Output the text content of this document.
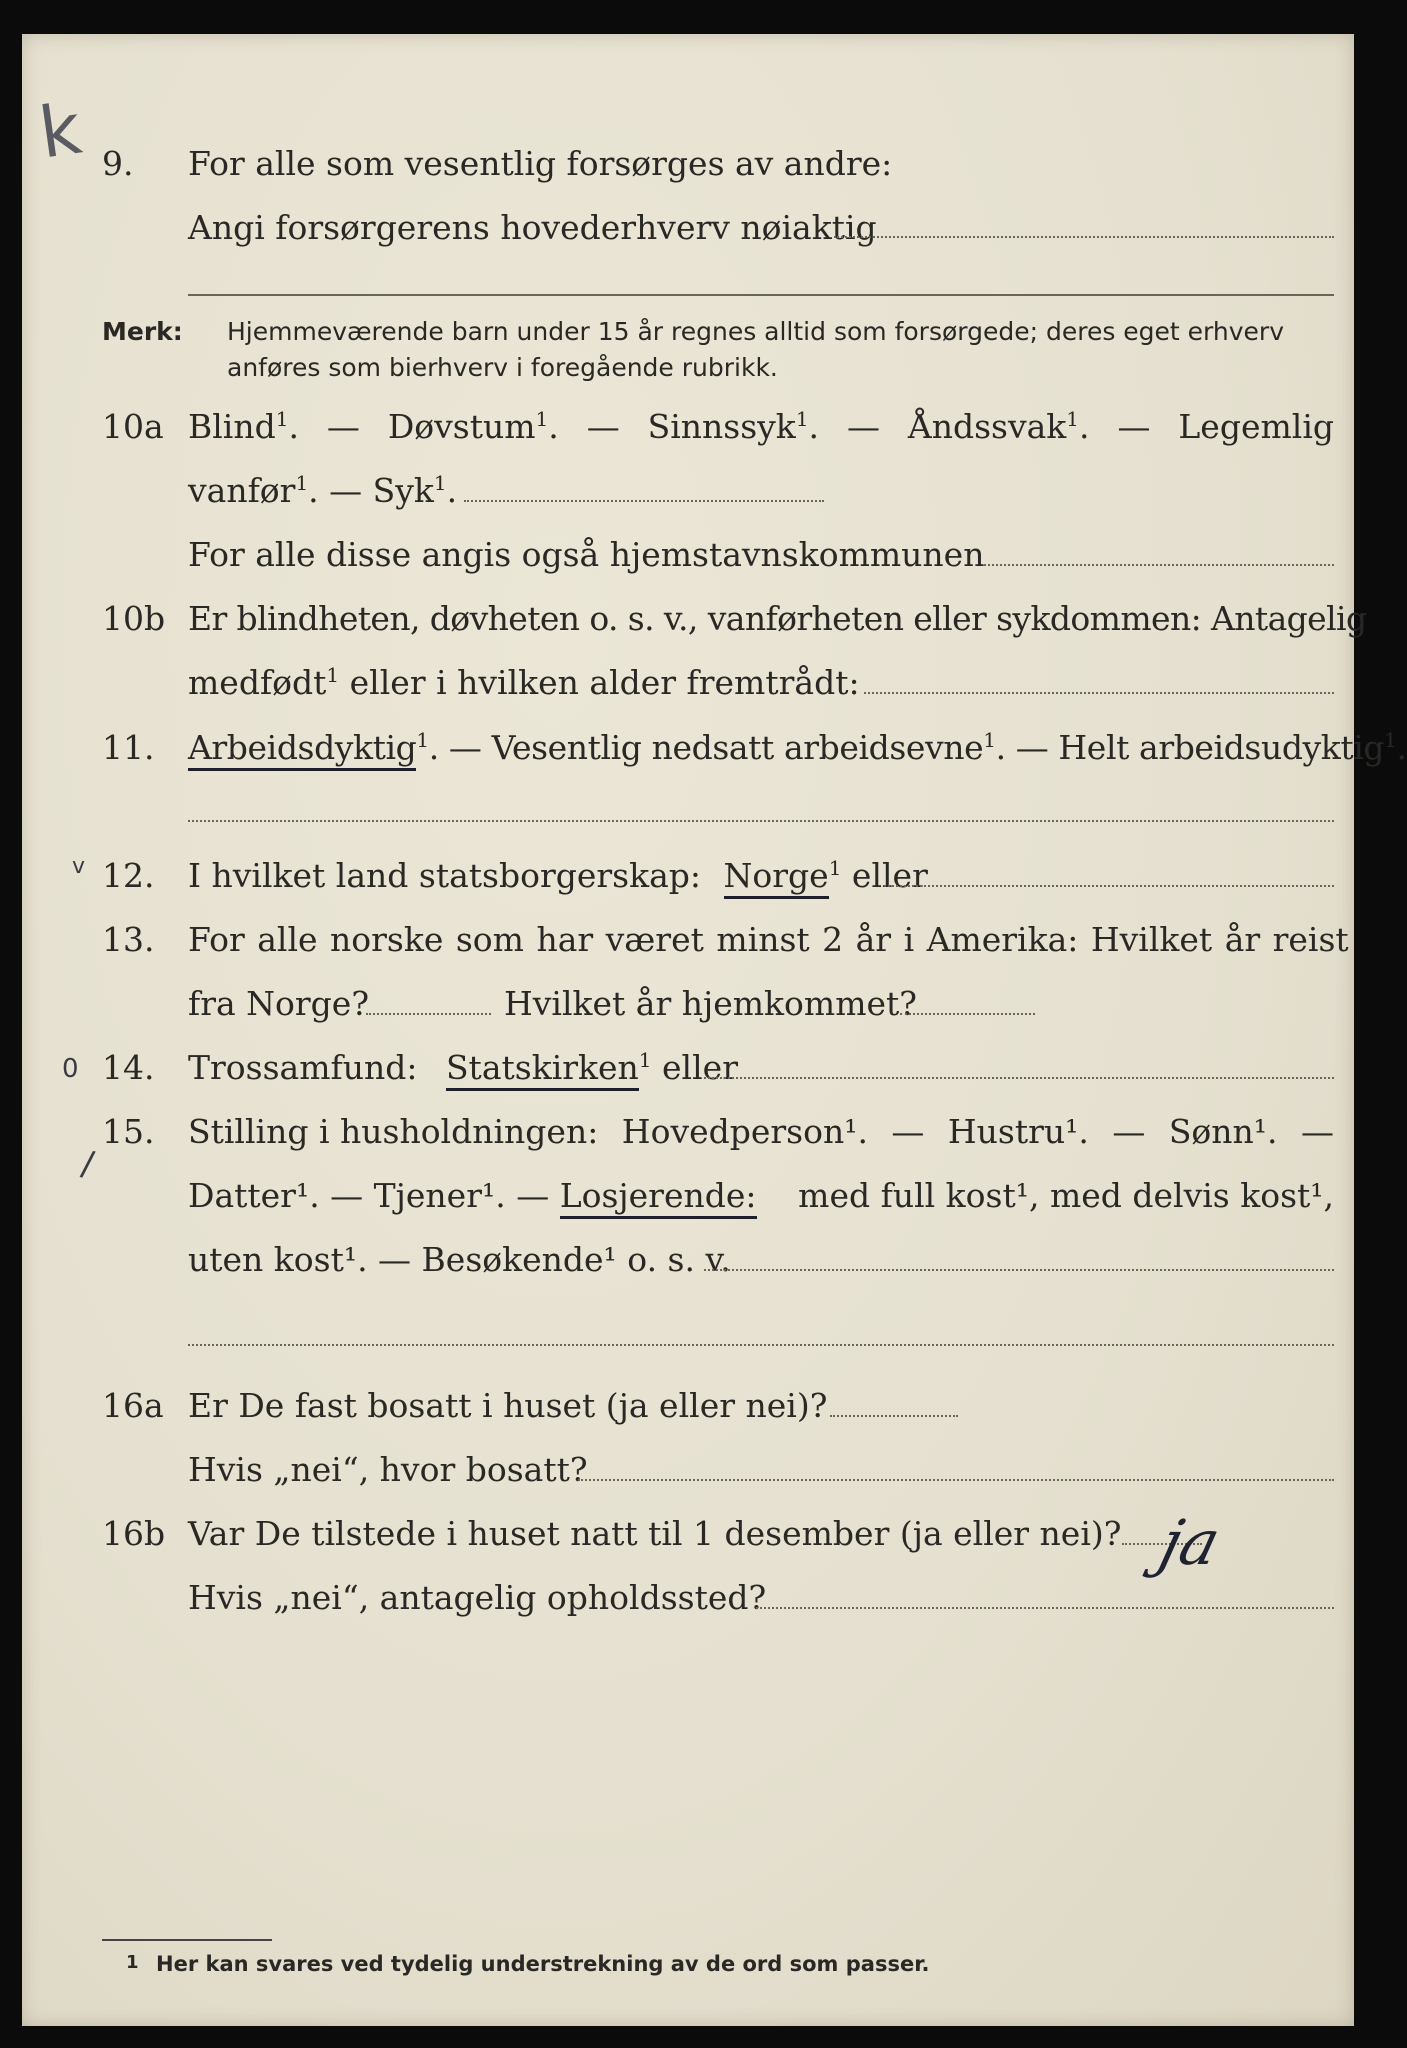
k
v
0
/
9. For alle som vesentlig forsørges av andre:
Angi forsørgerens hovederhverv nøiaktig
Merk: Hjemmeværende barn under 15 år regnes alltid som forsørgede; deres eget erhverv anføres som bierhverv i foregående rubrikk.
10a Blind$^1$. — Døvstum$^1$. — Sinnssyk$^1$. — Åndssvak$^1$. — Legemlig
vanfør$^1$. — Syk$^1$.
For alle disse angis også hjemstavnskommunen
10b Er blindheten, døvheten o. s. v., vanførheten eller sykdommen: Antagelig
medfødt$^1$ eller i hvilken alder fremtrådt:
11. Arbeidsdyktig$^1$. — Vesentlig nedsatt arbeidsevne$^1$. — Helt arbeidsudyktig$^1$.
12. I hvilket land statsborgerskap: Norge$^1$ eller
13. For alle norske som har været minst 2 år i Amerika: Hvilket år reist
fra Norge?	Hvilket år hjemkommet?
14. Trossamfund: Statskirken$^1$ eller
15. Stilling i husholdningen: Hovedperson¹. — Hustru¹. — Sønn¹. —
Datter¹. — Tjener¹. — Losjerende: med full kost¹, med delvis kost¹,
uten kost¹. — Besøkende¹ o. s. v.
16a Er De fast bosatt i huset (ja eller nei)?
Hvis „nei“, hvor bosatt?
16b Var De tilstede i huset natt til 1 desember (ja eller nei)? ja
Hvis „nei“, antagelig opholdssted?
1 Her kan svares ved tydelig understrekning av de ord som passer.
